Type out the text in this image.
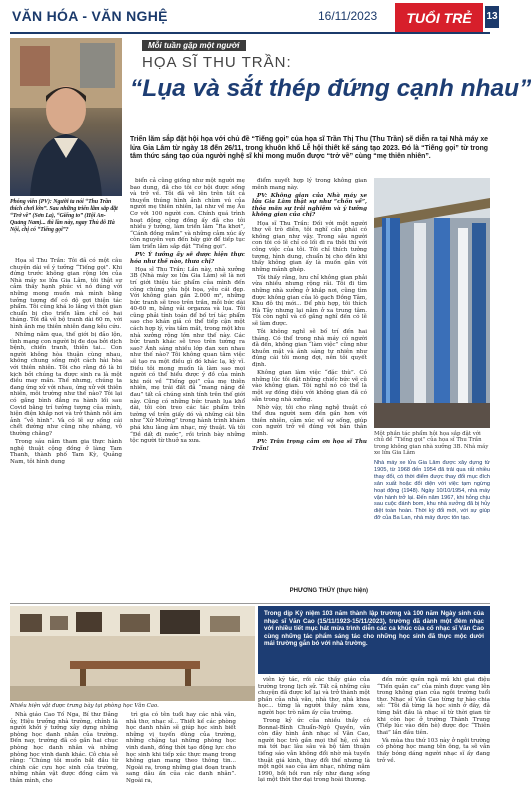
VĂN HÓA - VĂN NGHỆ	16/11/2023	TUỔI TRẺ	13
Phóng viên (PV): Người ta nói “Thu Trần thích chơi lớn”. Sau những triển lãm sắp đặt “Trở về” (Sơn La), “Giếng to” (Hội An- Quảng Nam)... thì lần này, ngay Thủ đô Hà Nội, chị có “Tiếng gọi”?
Mỗi tuần gặp một người
HỌA SĨ THU TRẦN:
“Lụa và sắt thép đứng cạnh nhau”
Triển lãm sắp đặt hội họa với chủ đề “Tiếng gọi” của họa sĩ Trần Thị Thu (Thu Trần) sẽ diễn ra tại Nhà máy xe lửa Gia Lâm từ ngày 18 đến 26/11, trong khuôn khổ Lễ hội thiết kế sáng tạo 2023. Đó là “Tiếng gọi” từ trong tâm thức sáng tạo của người nghệ sĩ khi mong muốn được “trở về” cùng “mẹ thiên nhiên”.

Họa sĩ Thu Trần: Tôi đã có một câu chuyện dài về ý tưởng “Tiếng gọi”. Khi đứng trước không gian rộng lớn của Nhà máy xe lửa Gia Lâm, tôi thật sự cảm thấy hạnh phúc vì nó đúng với những mong muốn mà mình bằng tưởng tượng để có độ gợi thiện tác phẩm. Tôi cũng khá lo lắng vì thời gian chuẩn bị cho triển lãm chỉ có hai tháng. Tôi đã vẽ bộ tranh dài 60 m, với hình ảnh mẹ thiên nhiên đang kêu cứu.

Những năm qua, thế giới bị đảo lộn, tình mạng con người bị đe dọa bởi dịch bệnh, chiến tranh, thiên tai... Con người không hòa thuận cùng nhau, không chung sống một cách hài hòa với thiên nhiên. Tôi cho rằng đó là bi kịch bởi chúng ta được sinh ra là một điều may mắn. Thế nhưng, chúng ta đang ứng xử với nhau, ứng xử với thiên nhiên, môi trường như thế nào? Tôi lại có gắng bình đẳng ra hành lối sau Covid bằng trí tưởng tượng của mình, hiện điện khắp nơi và trở thành nỗi ám ảnh “vô hình”. Và có lẽ sự sống cái chết đường như cũng nhẹ nhàng, vô thường chăng?

Trong sáu năm tham gia thực hành nghệ thuật cộng đồng ở làng Tam Thanh, thành phố Tam Kỳ, Quảng Nam, tôi hình dung

biển cả cũng giống như một người mẹ bao dung, đã cho tôi cơ hội được sống và trở về. Tôi đã vẽ lên trên tất cả thuyền thúng hình ảnh chùm vú của người mẹ thiên nhiên, lại như về mẹ Âu Cơ với 100 người con. Chính quá trình hoạt động cộng đồng ấy đã cho tôi nhiều ý tưởng, làm triển lãm “Ra khơi”, “Cánh đồng mắm” và những cảm xúc ấy còn nguyên vẹn đến bây giờ để tiếp tục làm triển lãm sắp đặt “Tiếng gọi”.

PV: Ý tưởng ấy sẽ được hiện thực hóa như thế nào, thưa chị?

Họa sĩ Thu Trần: Lần này, nhà xưởng 3B (Nhà máy xe lửa Gia Lâm) sẽ là nơi trí giới thiệu tác phẩm của mình đến công chúng yêu hội họa, yêu cái đẹp. Với không gian gần 2.000 m², những bức tranh sẽ treo trên trần, mỗi bức dài 40-60 m, bằng vải organza và lụa. Tôi cũng phải tính toán để bố trí tác phẩm sao cho khán giả có thể tiếp cận một cách hợp lý, vừa tầm mắt, trong một khu nhà xưởng rộng lớn như thế này. Các bức tranh khác sẽ treo trên tường ra sao? Ánh sáng nhiều lớp đan xen nhau như thế nào? Tôi không quan tâm việc sẽ tạo ra một điều gì đó khác lạ, kỳ vĩ. Điều tôi mong muốn là làm sao mọi người có thể hiểu được ý đồ của mình khi nói về “Tiếng gọi” của mẹ thiên nhiên, mẹ trái đất đã “mang nặng đẻ đau” tất cả chúng sinh tính trên thế giới này. Cũng có những bức tranh lụa khổ dài, tôi còn treo các tác phẩm trên tường về trên giấy dó và những cái tên như “Xứ Mường” trong hành trình khám phá khu làng âm nhạc, mỹ thuật. Và tôi “Đề dất đi nước”, rồi trình bày những tộc người từ thuở xa xưa.

điểm xuyết hợp lý trong không gian mênh mang này.

PV: Không gian của Nhà máy xe lửa Gia Lâm thật sự như “chốn về”, thỏa mãn sự trải nghiệm và ý tưởng không gian của chị?

Họa sĩ Thu Trần: Đối với một người thợ vẽ trò diễn, tôi nghĩ cần phải có không gian như vậy. Trong sâu người con tôi có lẽ chỉ có lối đi ra thôi thì với công việc của tôi. Tôi chỉ thích tưởng tượng, hình dung, chuẩn bị cho đến khi thấy không gian ấy là muốn gắn với những mảnh ghép.

Tôi thấy rằng, lưu chỉ không gian phải vừa nhiều nhưng rộng rãi. Tôi đi tìm những nhà xưởng ở khắp nơi, cũng tìm được không gian của lò gạch Đồng Tâm, Khu đô thị mới... Để phù hợp, tôi thích Hà Tây nhưng lại nằm ở xa trung tâm. Tôi còn nghĩ và cố gắng nghĩ đến có lẽ sẽ làm được.

Tôi không nghĩ sẽ bố trí đến hai tháng. Có thể trong nhà máy có người đã đến, không gian “làm việc” cũng như khuôn mặt và ánh sáng tự nhiên như đúng cái tôi mong đợi, nên tôi quyết định.

Không gian làm việc “đặc thù”. Có những lúc tôi đặt những chiếc bức vẽ cũ vào không gian. Tôi nghĩ nó có thể là một sự đồng điệu với không gian đã có sẵn trong nhà xưởng.

Nhờ vậy, tôi cho rằng nghệ thuật có thể đưa người xem đến gần hơn với thiên nhiên, cảm xúc về sự sống, giúp con người trở về đúng với bản thân mình.

PV: Trân trọng cảm ơn họa sĩ Thu Trần!

PHƯƠNG THÚY (thực hiện)
Một phần tác phẩm hội họa sắp đặt với chủ đề “Tiếng gọi” của họa sĩ Thu Trần trong không gian nhà xưởng 3B. Nhà máy xe lửa Gia Lâm
Nhà máy xe lửa Gia Lâm được xây dựng từ 1905, từ 1968 đến 1954 đã trải qua rất nhiều thay đổi, có thời điểm được thay đổi mục đích sản xuất hoặc đổi diện với việc tạm ngừng hoạt động (1948). Ngày 10/10/1954, nhà máy vận hành trở lại. Đến năm 1967, khi hỏng chịu sau cuộc đánh bom, khu nhà xưởng đã bị hủy diệt toàn hoàn. Thời kỳ đổi mới, với sự giúp đỡ của Ba Lan, nhà máy được tôn tạo.
Nhiều hiện vật được trưng bày tại phòng học Văn Cao.
Trong dịp Kỷ niệm 103 năm thành lập trường và 100 năm Ngày sinh của nhạc sĩ Văn Cao (15/11/1923-15/11/2023), trường đã dành một đêm nhạc với nhiều tiết mục hát mừa trình diễn các ca khúc của cố nhạc sĩ Văn Cao cùng những tác phẩm sáng tác cho những học sinh đã thực mộc dưới mái trường gắn bó với nhà trường.

Nhà giáo Cao Tố Nga, Bí thư Đảng ủy, Hiệu trưởng nhà trường, chính là người khởi ý tưởng xây dựng những phòng học danh nhân của trường. Đến nay, trường đã có gắn hai chục phòng học danh nhân và những phòng học vinh danh khác. Cô chia sẻ rằng: “Chúng tôi muốn bắt đầu từ chính các cựu học sinh của trường, những nhân vật được đồng cảm và thân mình, cho

trì gia có tên tuổi hay các nhà văn, nhà thơ, nhạc sĩ... Thiết kế các phòng học danh nhân sẽ giúp học sinh biết những vị tuyến dùng của trường, những chặng tại những phòng học vinh danh, đồng thời tạo động lực cho học sinh khi tiếp xúc thực mang trong không gian mang theo thông tin... Ngoài ra, trong những giai đoạn tranh sang dâu ấn của các danh nhân”. Ngoài ra,

viên kỹ tác, rồi các thầy giáo của trường trong lịch sử. Tất cả những câu chuyện đã được kể lại và trở thành một phần của nhà văn, nhà thơ, nhà khoa học... từng là người thầy năm xưa, người học trò năm ấy của trường.

Trong kỷ ức của nhiều thầy cô Bonnal-Bình Chuẩn-Ngô Quyền, văn còn đây hình ảnh nhạc sĩ Văn Cao, người học trò gần mọi thế hệ, có khi mà tới bạc lâu sâu và bộ tâm thuận tiếng sáo vẫn không đổi nhờ mà tuyến thuật giá kinh, thay đổi thế nhưng là một ngôi sao của âm nhạc, những năm 1990, bồi hồi run rẩy như đang sống lại một thời thơ dại trong hoài thương.

đến mức quên ngã mủ khi giai điệu “Tiến quân ca” của mình được vang lên trong không gian của ngôi trường tuổi thơ. Nhạc sĩ Văn Cao từng tự hào chia sẻ: “Tôi đã từng là học sinh ở đây, đã từng bắt đầu là nhạc sĩ từ thời gian từ khi còn học ở trường Thành Trung (Tiếp lúc vào đến hè) được đọc “Thiên thai” lần đầu tiên.

Và mùa thu thứ 103 này ở ngôi trường có phòng học mang tên ông, ta sẽ vẫn thấy bóng dáng người nhạc sĩ ấy đang trở về.
